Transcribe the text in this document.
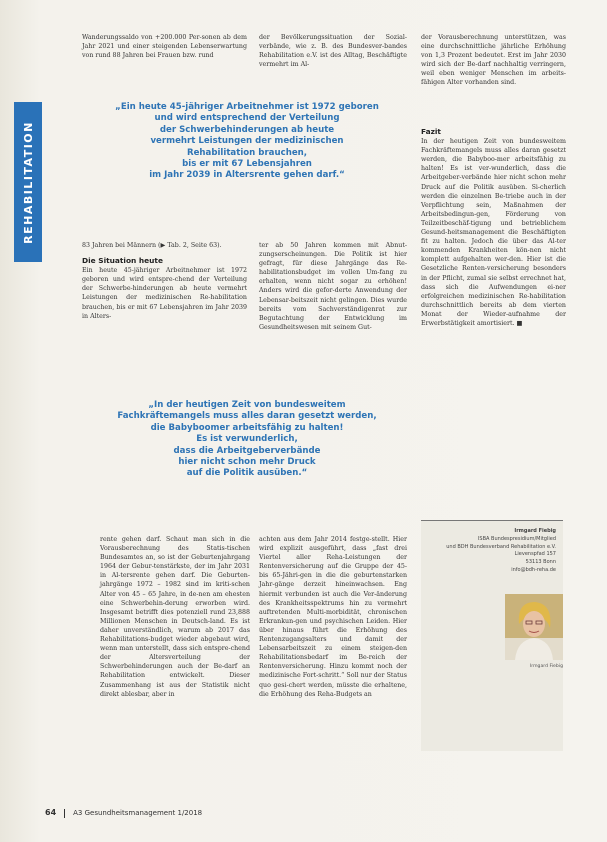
REHABILITATION

Wanderungssaldo von +200.000 Per-sonen ab dem Jahr 2021 und einer steigenden Lebenserwartung von rund 88 Jahren bei Frauen bzw. rund

der Bevölkerungssituation der Sozial-verbände, wie z. B. des Bundesver-bandes Rehabilitation e.V. ist des Alltag, Beschäftigte vermehrt im Al-

der Vorausberechnung unterstützen, was eine durchschnittliche jährliche Erhöhung von 1,3 Prozent bedeutet. Erst im Jahr 2030 wird sich der Be-darf nachhaltig verringern, weil eben weniger Menschen im arbeits-fähigen Alter vorhanden sind.

„Ein heute 45-jähriger Arbeitnehmer ist 1972 geboren
und wird entsprechend der Verteilung
der Schwerbehinderungen ab heute
vermehrt Leistungen der medizinischen
Rehabilitation brauchen,
bis er mit 67 Lebensjahren
im Jahr 2039 in Altersrente gehen darf.“
Fazit

In der heutigen Zeit von bundesweitem Fachkräftemangels muss alles daran gesetzt werden, die Babyboo-mer arbeitsfähig zu halten! Es ist ver-wunderlich, dass die Arbeitgeber-verbände hier nicht schon mehr Druck auf die Politik ausüben. Si-cherlich werden die einzelnen Be-triebe auch in der Verpflichtung sein, Maßnahmen der Arbeitsbedingun-gen, Förderung von Teilzeitbeschäf-tigung und betrieblichem Gesund-heitsmanagement die Beschäftigten fit zu halten. Jedoch die über das Al-ter kommenden Krankheiten kön-nen nicht komplett aufgehalten wer-den. Hier ist die Gesetzliche Renten-versicherung besonders in der Pflicht, zumal sie selbst errechnet hat, dass sich die Aufwendungen ei-ner erfolgreichen medizinischen Re-habilitation durchschnittlich bereits ab dem vierten Monat der Wieder-aufnahme der Erwerbstätigkeit amortisiert. ■

83 Jahren bei Männern (▶ Tab. 2, Seite 63).

Die Situation heute

Ein heute 45-jähriger Arbeitnehmer ist 1972 geboren und wird entspre-chend der Verteilung der Schwerbe-hinderungen ab heute vermehrt Leistungen der medizinischen Re-habilitation brauchen, bis er mit 67 Lebensjahren im Jahr 2039 in Alters-

ter ab 50 Jahren kommen mit Abnut-zungserscheinungen. Die Politik ist hier gefragt, für diese Jahrgänge das Re-habilitationsbudget im vollen Um-fang zu erhalten, wenn nicht sogar zu erhöhen! Anders wird die gefor-derte Anwendung der Lebensar-beitszeit nicht gelingen. Dies wurde bereits vom Sachverständigenrat zur Begutachtung der Entwicklung im Gesundheitswesen mit seinem Gut-

„In der heutigen Zeit von bundesweitem
Fachkräftemangels muss alles daran gesetzt werden,
die Babyboomer arbeitsfähig zu halten!
Es ist verwunderlich,
dass die Arbeitgeberverbände
hier nicht schon mehr Druck
auf die Politik ausüben.“

rente gehen darf. Schaut man sich in die Vorausberechnung des Statis-tischen Bundesamtes an, so ist der Geburtenjahrgang 1964 der Gebur-tenstärkste, der im Jahr 2031 in Al-tersrente gehen darf. Die Geburten-jahrgänge 1972 – 1982 sind im kriti-schen Alter von 45 – 65 Jahre, in de-nen am ehesten eine Schwerbehin-derung erworben wird. Insgesamt betrifft dies potenziell rund 23,888 Millionen Menschen in Deutsch-land. Es ist daher unverständlich, warum ab 2017 das Rehabilitations-budget wieder abgebaut wird, wenn man unterstellt, dass sich entspre-chend der Altersverteilung der Schwerbehinderungen auch der Be-darf an Rehabilitation entwickelt. Dieser Zusammenhang ist aus der Statistik nicht direkt ablesbar, aber in

achten aus dem Jahr 2014 festge-stellt. Hier wird explizit ausgeführt, dass „fast drei Viertel aller Reha-Leistungen der Rentenversicherung auf die Gruppe der 45- bis 65-Jähri-gen in die die geburtenstarken Jahr-gänge derzeit hineinwachsen. Eng hiermit verbunden ist auch die Ver-änderung des Krankheitsspektrums hin zu vermehrt auftretenden Multi-morbidität, chronischen Erkrankun-gen und psychischen Leiden. Hier über hinaus führt die Erhöhung des Rentenzugangsalters und damit der Lebensarbeitszeit zu einem steigen-den Rehabilitationsbedarf im Be-reich der Rentenversicherung. Hinzu kommt noch der medizinische Fort-schritt.“ Soll nur der Status quo gesi-chert werden, müsste die erhaltene, die Erhöhung des Reha-Budgets an

Irmgard Fiebig
ISBA Bundespresidium/Mitglied
und BDH Bundesverband Rehabilitation e.V.
Lievenspfad 157
53113 Bonn
info@bdh-reha.de
Irmgard Fiebig
64 A3 Gesundheitsmanagement 1/2018
